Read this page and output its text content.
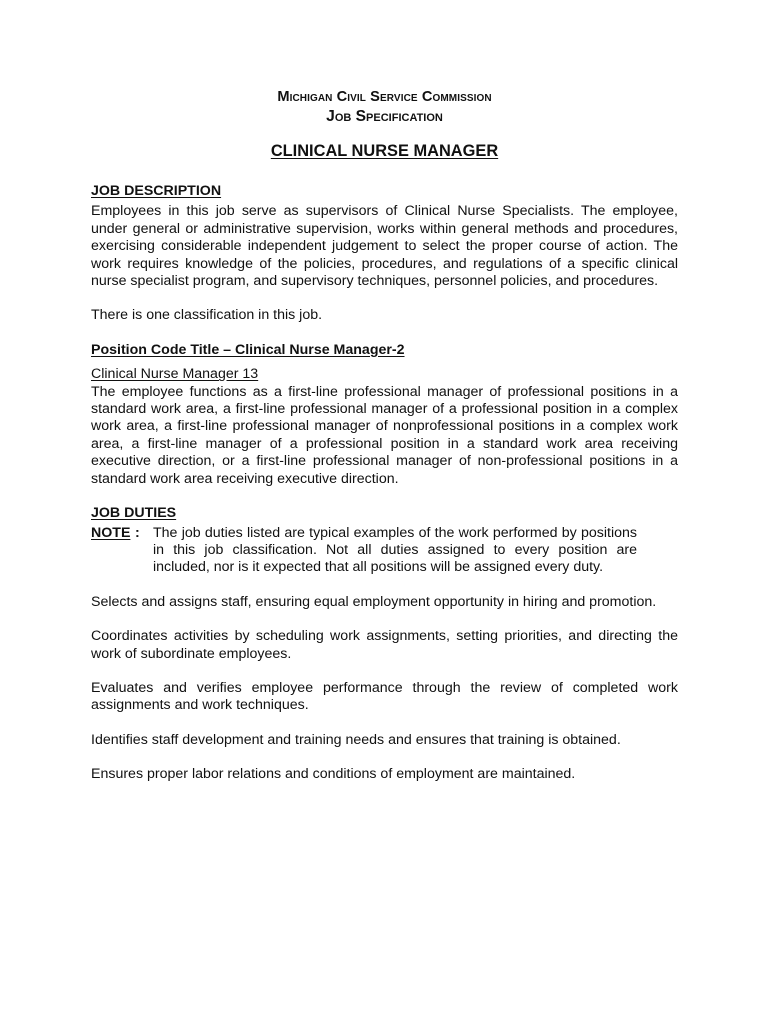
Michigan Civil Service Commission
Job Specification
CLINICAL NURSE MANAGER
JOB DESCRIPTION

Employees in this job serve as supervisors of Clinical Nurse Specialists. The employee, under general or administrative supervision, works within general methods and procedures, exercising considerable independent judgement to select the proper course of action. The work requires knowledge of the policies, procedures, and regulations of a specific clinical nurse specialist program, and supervisory techniques, personnel policies, and procedures.

There is one classification in this job.

Position Code Title – Clinical Nurse Manager-2
Clinical Nurse Manager 13

The employee functions as a first-line professional manager of professional positions in a standard work area, a first-line professional manager of a professional position in a complex work area, a first-line professional manager of nonprofessional positions in a complex work area, a first-line manager of a professional position in a standard work area receiving executive direction, or a first-line professional manager of non-professional positions in a standard work area receiving executive direction.

JOB DUTIES
NOTE : The job duties listed are typical examples of the work performed by positions in this job classification. Not all duties assigned to every position are included, nor is it expected that all positions will be assigned every duty.

Selects and assigns staff, ensuring equal employment opportunity in hiring and promotion.

Coordinates activities by scheduling work assignments, setting priorities, and directing the work of subordinate employees.

Evaluates and verifies employee performance through the review of completed work assignments and work techniques.

Identifies staff development and training needs and ensures that training is obtained.

Ensures proper labor relations and conditions of employment are maintained.
